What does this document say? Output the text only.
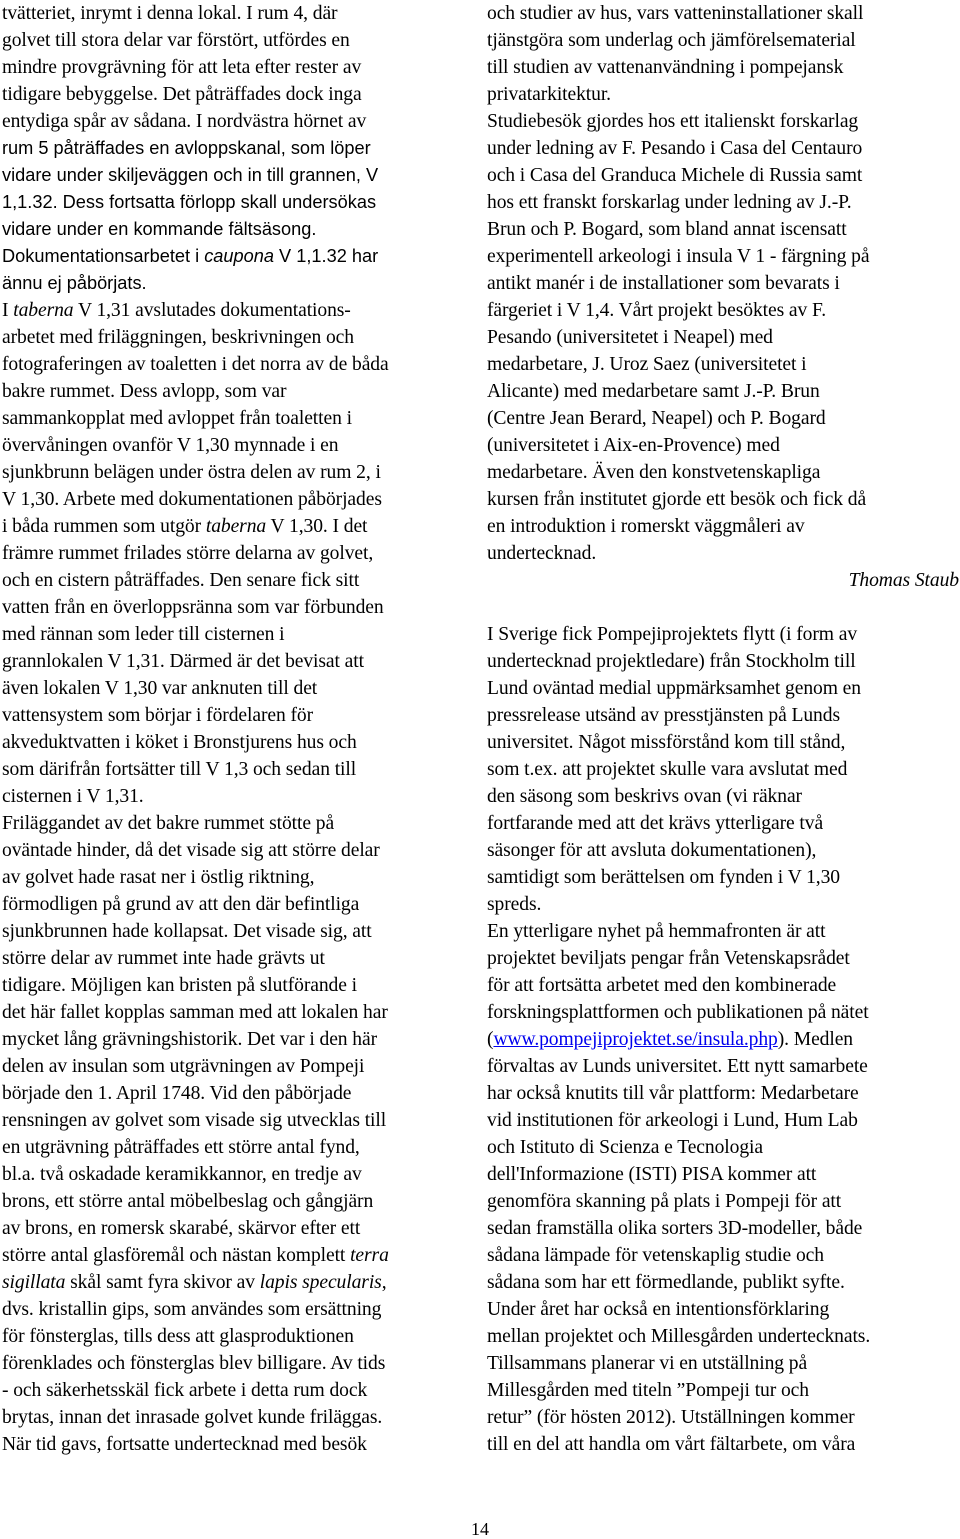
tvätteriet, inrymt i denna lokal. I rum 4, där
golvet till stora delar var förstört, utfördes en
mindre provgrävning för att leta efter rester av
tidigare bebyggelse. Det påträffades dock inga
entydiga spår av sådana. I nordvästra hörnet av
rum 5 påträffades en avloppskanal, som löper
vidare under skiljeväggen och in till grannen, V
1,1.32. Dess fortsatta förlopp skall undersökas
vidare under en kommande fältsäsong.
Dokumentationsarbetet i caupona V 1,1.32 har
ännu ej påbörjats.
I taberna V 1,31 avslutades dokumentations-
arbetet med friläggningen, beskrivningen och
fotograferingen av toaletten i det norra av de båda
bakre rummet. Dess avlopp, som var
sammankopplat med avloppet från toaletten i
övervåningen ovanför V 1,30 mynnade i en
sjunkbrunn belägen under östra delen av rum 2, i
V 1,30. Arbete med dokumentationen påbörjades
i båda rummen som utgör taberna V 1,30. I det
främre rummet frilades större delarna av golvet,
och en cistern påträffades. Den senare fick sitt
vatten från en överloppsränna som var förbunden
med rännan som leder till cisternen i
grannlokalen V 1,31. Därmed är det bevisat att
även lokalen V 1,30 var anknuten till det
vattensystem som börjar i fördelaren för
akveduktvatten i köket i Bronstjurens hus och
som därifrån fortsätter till V 1,3 och sedan till
cisternen i V 1,31.
Friläggandet av det bakre rummet stötte på
oväntade hinder, då det visade sig att större delar
av golvet hade rasat ner i östlig riktning,
förmodligen på grund av att den där befintliga
sjunkbrunnen hade kollapsat. Det visade sig, att
större delar av rummet inte hade grävts ut
tidigare. Möjligen kan bristen på slutförande i
det här fallet kopplas samman med att lokalen har
mycket lång grävningshistorik. Det var i den här
delen av insulan som utgrävningen av Pompeji
började den 1. April 1748. Vid den påbörjade
rensningen av golvet som visade sig utvecklas till
en utgrävning påträffades ett större antal fynd,
bl.a. två oskadade keramikkannor, en tredje av
brons, ett större antal möbelbeslag och gångjärn
av brons, en romersk skarabé, skärvor efter ett
större antal glasföremål och nästan komplett terra
sigillata skål samt fyra skivor av lapis specularis,
dvs. kristallin gips, som användes som ersättning
för fönsterglas, tills dess att glasproduktionen
förenklades och fönsterglas blev billigare. Av tids
- och säkerhetsskäl fick arbete i detta rum dock
brytas, innan det inrasade golvet kunde friläggas.
När tid gavs, fortsatte undertecknad med besök
och studier av hus, vars vatteninstallationer skall
tjänstgöra som underlag och jämförelsematerial
till studien av vattenanvändning i pompejansk
privatarkitektur.
Studiebesök gjordes hos ett italienskt forskarlag
under ledning av F. Pesando i Casa del Centauro
och i Casa del Granduca Michele di Russia samt
hos ett franskt forskarlag under ledning av J.-P.
Brun och P. Bogard, som bland annat iscensatt
experimentell arkeologi i insula V 1 - färgning på
antikt manér i de installationer som bevarats i
färgeriet i V 1,4. Vårt projekt besöktes av F.
Pesando (universitetet i Neapel) med
medarbetare, J. Uroz Saez (universitetet i
Alicante) med medarbetare samt J.-P. Brun
(Centre Jean Berard, Neapel) och P. Bogard
(universitetet i Aix-en-Provence) med
medarbetare. Även den konstvetenskapliga
kursen från institutet gjorde ett besök och fick då
en introduktion i romerskt väggmåleri av
undertecknad.
Thomas Staub
I Sverige fick Pompejiprojektets flytt (i form av
undertecknad projektledare) från Stockholm till
Lund oväntad medial uppmärksamhet genom en
pressrelease utsänd av presstjänsten på Lunds
universitet. Något missförstånd kom till stånd,
som t.ex. att projektet skulle vara avslutat med
den säsong som beskrivs ovan (vi räknar
fortfarande med att det krävs ytterligare två
säsonger för att avsluta dokumentationen),
samtidigt som berättelsen om fynden i V 1,30
spreds.
En ytterligare nyhet på hemmafronten är att
projektet beviljats pengar från Vetenskapsrådet
för att fortsätta arbetet med den kombinerade
forskningsplattformen och publikationen på nätet
(www.pompejiprojektet.se/insula.php). Medlen
förvaltas av Lunds universitet. Ett nytt samarbete
har också knutits till vår plattform: Medarbetare
vid institutionen för arkeologi i Lund, Hum Lab
och Istituto di Scienza e Tecnologia
dell'Informazione (ISTI) PISA kommer att
genomföra skanning på plats i Pompeji för att
sedan framställa olika sorters 3D-modeller, både
sådana lämpade för vetenskaplig studie och
sådana som har ett förmedlande, publikt syfte.
Under året har också en intentionsförklaring
mellan projektet och Millesgården undertecknats.
Tillsammans planerar vi en utställning på
Millesgården med titeln ”Pompeji tur och
retur” (för hösten 2012). Utställningen kommer
till en del att handla om vårt fältarbete, om våra
14
